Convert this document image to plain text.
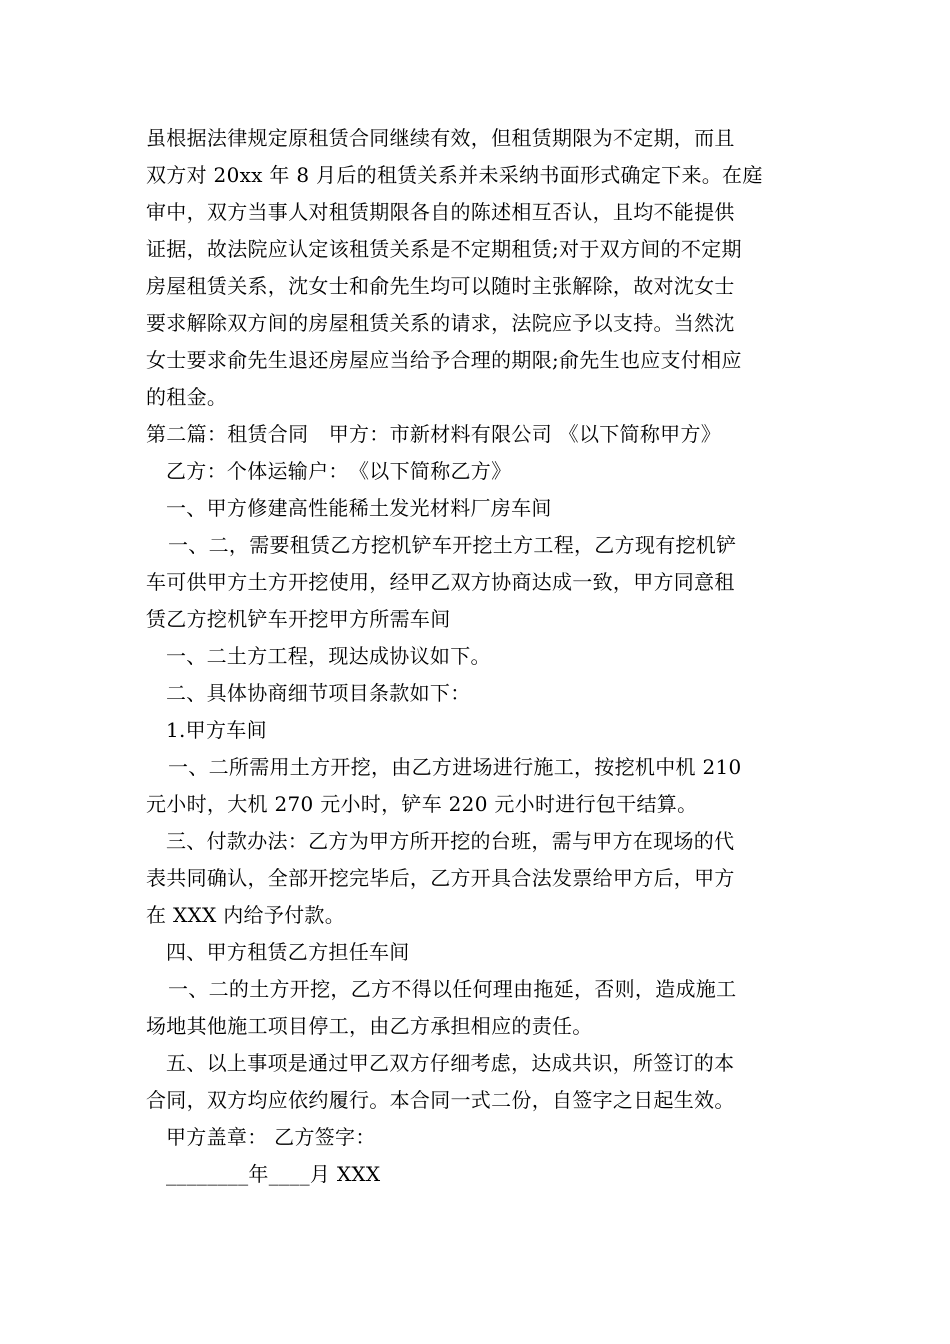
虽根据法律规定原租赁合同继续有效，但租赁期限为不定期，而且
双方对 20xx 年 8 月后的租赁关系并未采纳书面形式确定下来。在庭
审中，双方当事人对租赁期限各自的陈述相互否认，且均不能提供
证据，故法院应认定该租赁关系是不定期租赁;对于双方间的不定期
房屋租赁关系，沈女士和俞先生均可以随时主张解除，故对沈女士
要求解除双方间的房屋租赁关系的请求，法院应予以支持。当然沈
女士要求俞先生退还房屋应当给予合理的期限;俞先生也应支付相应
的租金。
第二篇：租赁合同　甲方：市新材料有限公司 《以下简称甲方》
乙方：个体运输户：　《以下简称乙方》
一、甲方修建高性能稀土发光材料厂房车间
一、二，需要租赁乙方挖机铲车开挖土方工程，乙方现有挖机铲
车可供甲方土方开挖使用，经甲乙双方协商达成一致，甲方同意租
赁乙方挖机铲车开挖甲方所需车间
一、二土方工程，现达成协议如下。
二、具体协商细节项目条款如下：
1.甲方车间
一、二所需用土方开挖，由乙方进场进行施工，按挖机中机 210
元小时，大机 270 元小时，铲车 220 元小时进行包干结算。
三、付款办法：乙方为甲方所开挖的台班，需与甲方在现场的代
表共同确认，全部开挖完毕后，乙方开具合法发票给甲方后，甲方
在 XXX 内给予付款。
四、甲方租赁乙方担任车间
一、二的土方开挖，乙方不得以任何理由拖延，否则，造成施工
场地其他施工项目停工，由乙方承担相应的责任。
五、以上事项是通过甲乙双方仔细考虑，达成共识，所签订的本
合同，双方均应依约履行。本合同一式二份，自签字之日起生效。
甲方盖章： 乙方签字：
________年____月 XXX
